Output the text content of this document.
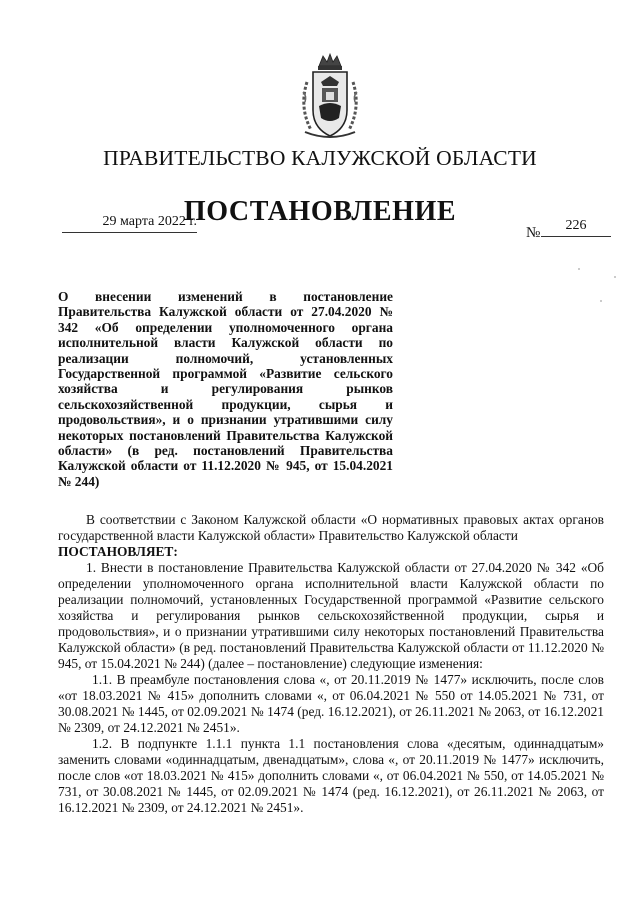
ПРАВИТЕЛЬСТВО КАЛУЖСКОЙ ОБЛАСТИ
ПОСТАНОВЛЕНИЕ
29 марта 2022 г.
№	226
О внесении изменений в постановление Правительства Калужской области от 27.04.2020 № 342 «Об определении уполномоченного органа исполнительной власти Калужской области по реализации полномочий, установленных Государственной программой «Развитие сельского хозяйства и регулирования рынков сельскохозяйственной продукции, сырья и продовольствия», и о признании утратившими силу некоторых постановлений Правительства Калужской области» (в ред. постановлений Правительства Калужской области от 11.12.2020 № 945, от 15.04.2021 № 244)

В соответствии с Законом Калужской области «О нормативных правовых актах органов государственной власти Калужской области» Правительство Калужской области

ПОСТАНОВЛЯЕТ:

1. Внести в постановление Правительства Калужской области от 27.04.2020 № 342 «Об определении уполномоченного органа исполнительной власти Калужской области по реализации полномочий, установленных Государственной программой «Развитие сельского хозяйства и регулирования рынков сельскохозяйственной продукции, сырья и продовольствия», и о признании утратившими силу некоторых постановлений Правительства Калужской области» (в ред. постановлений Правительства Калужской области от 11.12.2020 № 945, от 15.04.2021 № 244) (далее – постановление) следующие изменения:

1.1. В преамбуле постановления слова «, от 20.11.2019 № 1477» исключить, после слов «от 18.03.2021 № 415» дополнить словами «, от 06.04.2021 № 550 от 14.05.2021 № 731, от 30.08.2021 № 1445, от 02.09.2021 № 1474 (ред. 16.12.2021), от 26.11.2021 № 2063, от 16.12.2021 № 2309, от 24.12.2021 № 2451».

1.2. В подпункте 1.1.1 пункта 1.1 постановления слова «десятым, одиннадцатым» заменить словами «одиннадцатым, двенадцатым», слова «, от 20.11.2019 № 1477» исключить, после слов «от 18.03.2021 № 415» дополнить словами «, от 06.04.2021 № 550, от 14.05.2021 № 731, от 30.08.2021 № 1445, от 02.09.2021 № 1474 (ред. 16.12.2021), от 26.11.2021 № 2063, от 16.12.2021 № 2309, от 24.12.2021 № 2451».
